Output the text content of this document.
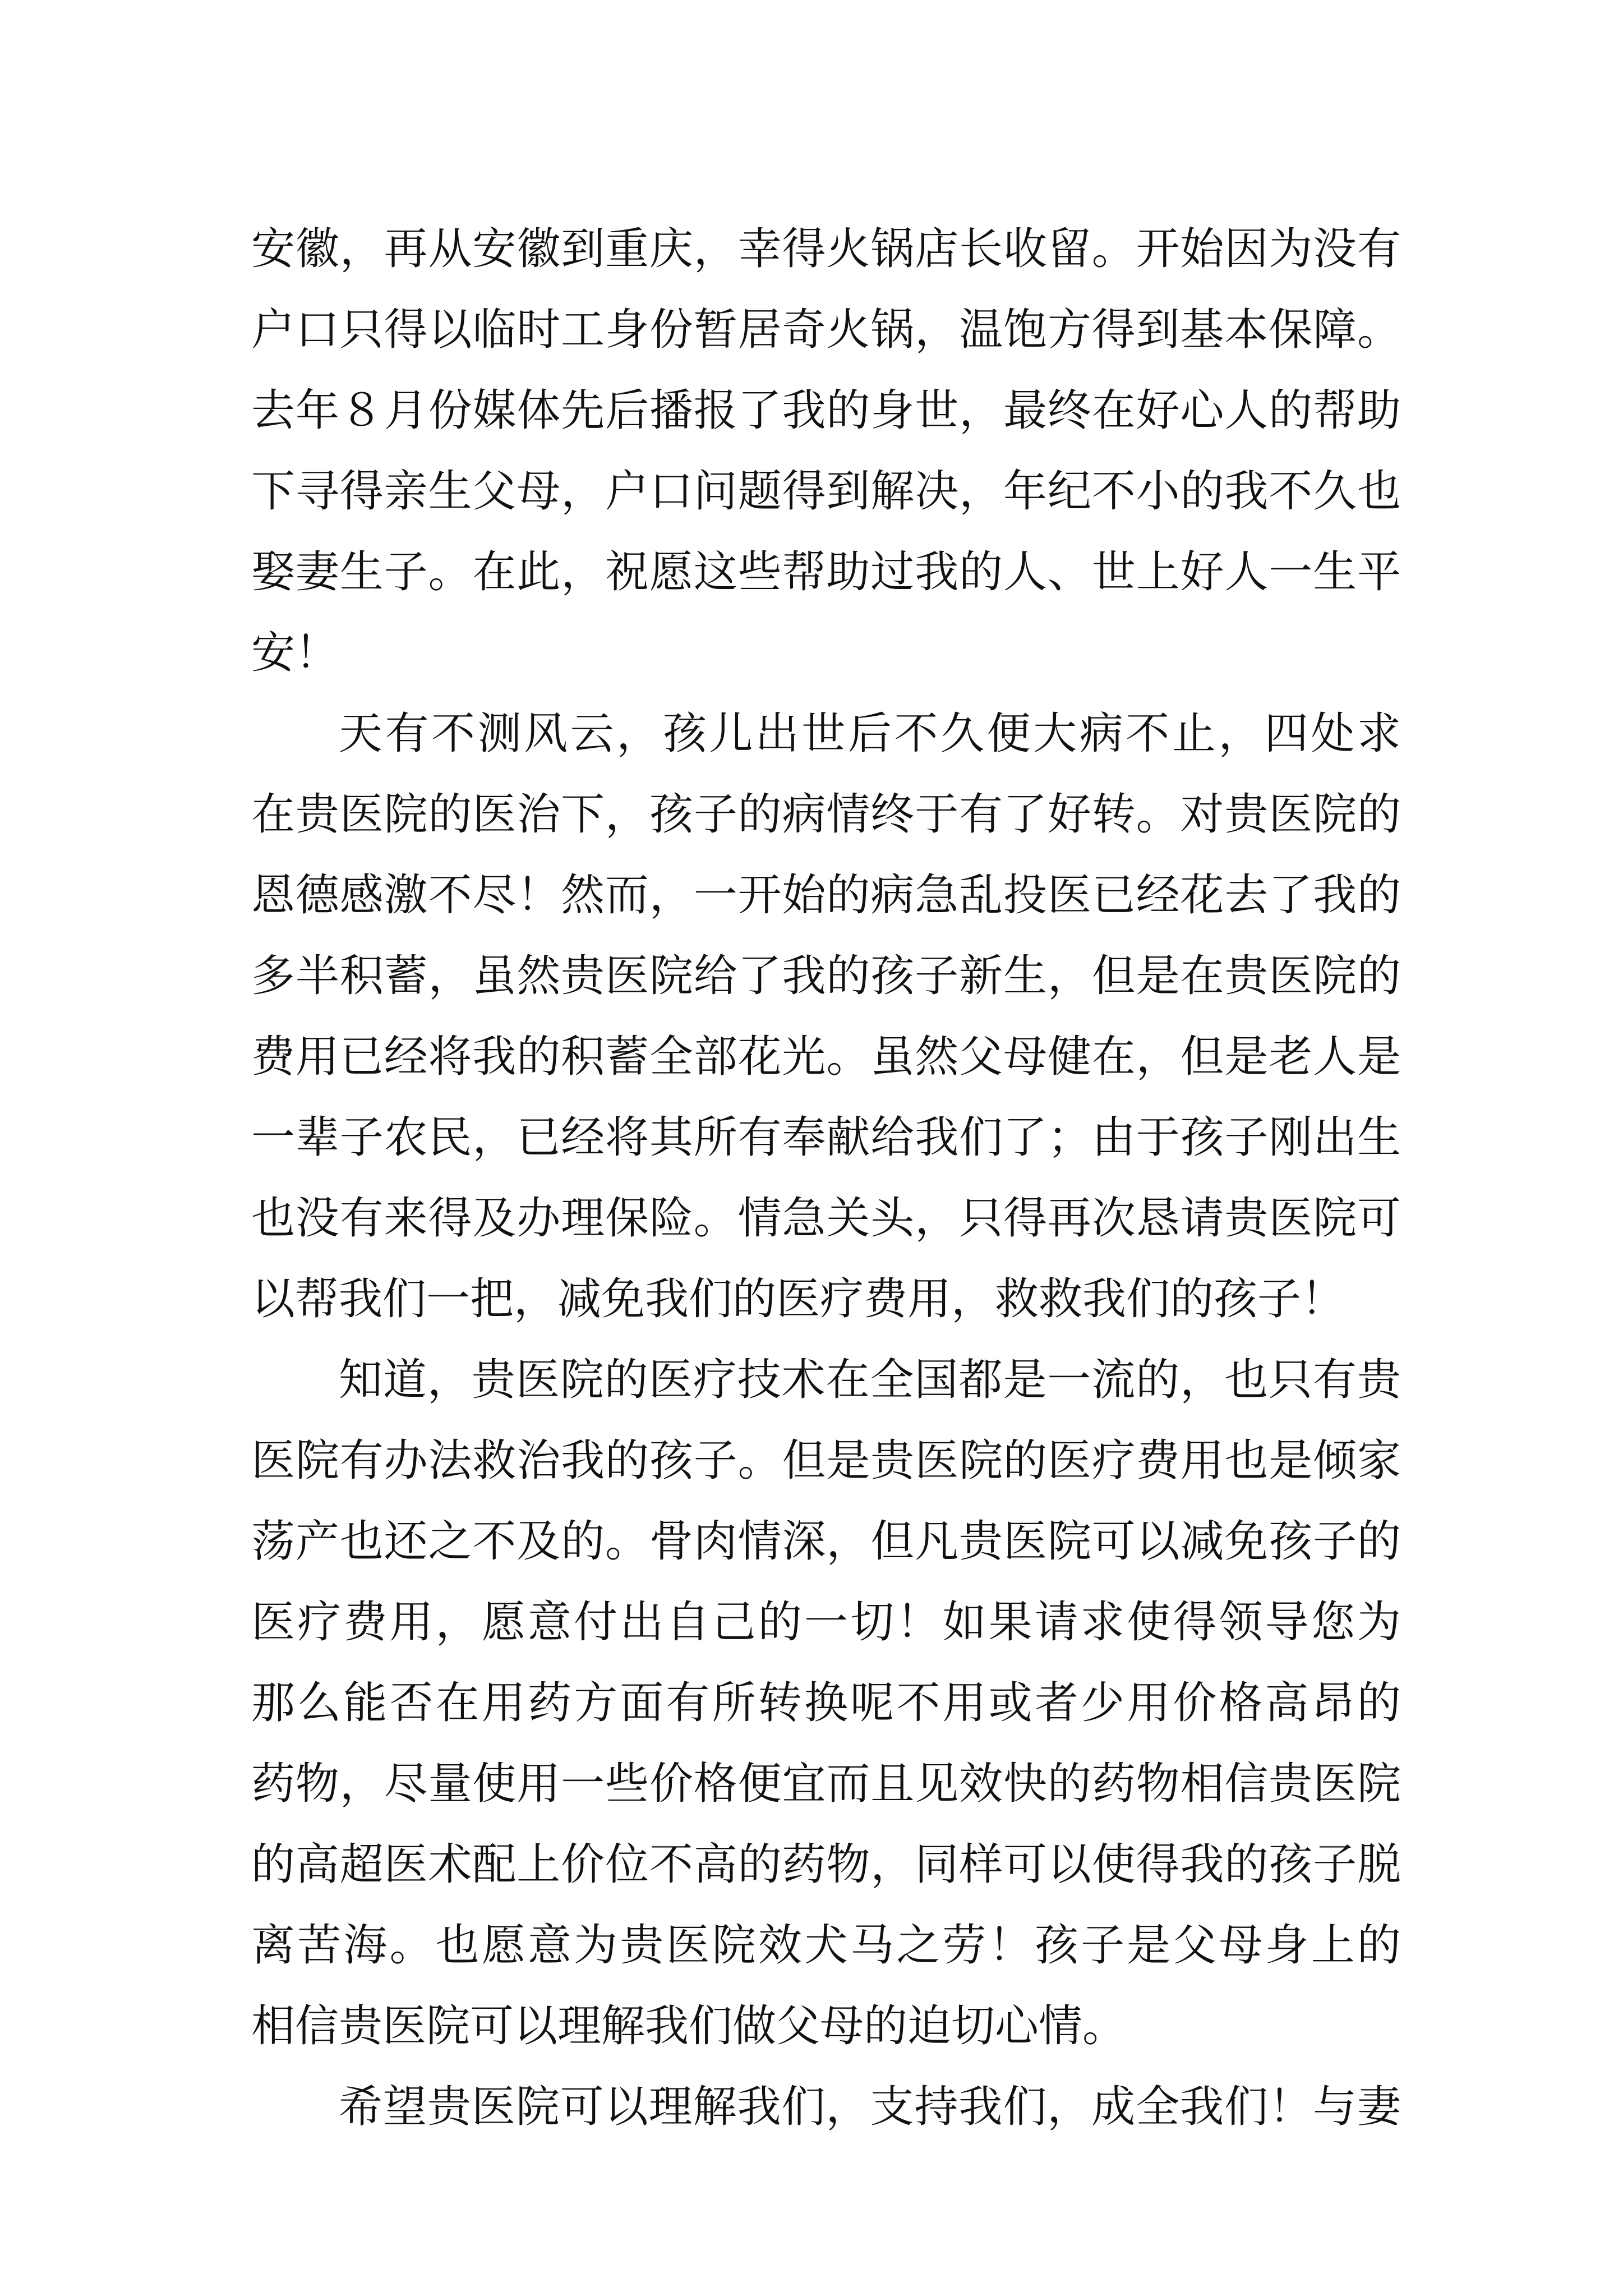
安徽，再从安徽到重庆，幸得火锅店长收留。开始因为没有
户口只得以临时工身份暂居奇火锅，温饱方得到基本保障。
去年８月份媒体先后播报了我的身世，最终在好心人的帮助
下寻得亲生父母，户口问题得到解决，年纪不小的我不久也
娶妻生子。在此，祝愿这些帮助过我的人、世上好人一生平
安！
天有不测风云，孩儿出世后不久便大病不止，四处求
在贵医院的医治下，孩子的病情终于有了好转。对贵医院的
恩德感激不尽！然而，一开始的病急乱投医已经花去了我的
多半积蓄，虽然贵医院给了我的孩子新生，但是在贵医院的
费用已经将我的积蓄全部花光。虽然父母健在，但是老人是
一辈子农民，已经将其所有奉献给我们了；由于孩子刚出生
也没有来得及办理保险。情急关头，只得再次恳请贵医院可
以帮我们一把，减免我们的医疗费用，救救我们的孩子！
知道，贵医院的医疗技术在全国都是一流的，也只有贵
医院有办法救治我的孩子。但是贵医院的医疗费用也是倾家
荡产也还之不及的。骨肉情深，但凡贵医院可以减免孩子的
医疗费用，愿意付出自己的一切！如果请求使得领导您为
那么能否在用药方面有所转换呢不用或者少用价格高昂的
药物，尽量使用一些价格便宜而且见效快的药物相信贵医院
的高超医术配上价位不高的药物，同样可以使得我的孩子脱
离苦海。也愿意为贵医院效犬马之劳！孩子是父母身上的
相信贵医院可以理解我们做父母的迫切心情。
希望贵医院可以理解我们，支持我们，成全我们！与妻
